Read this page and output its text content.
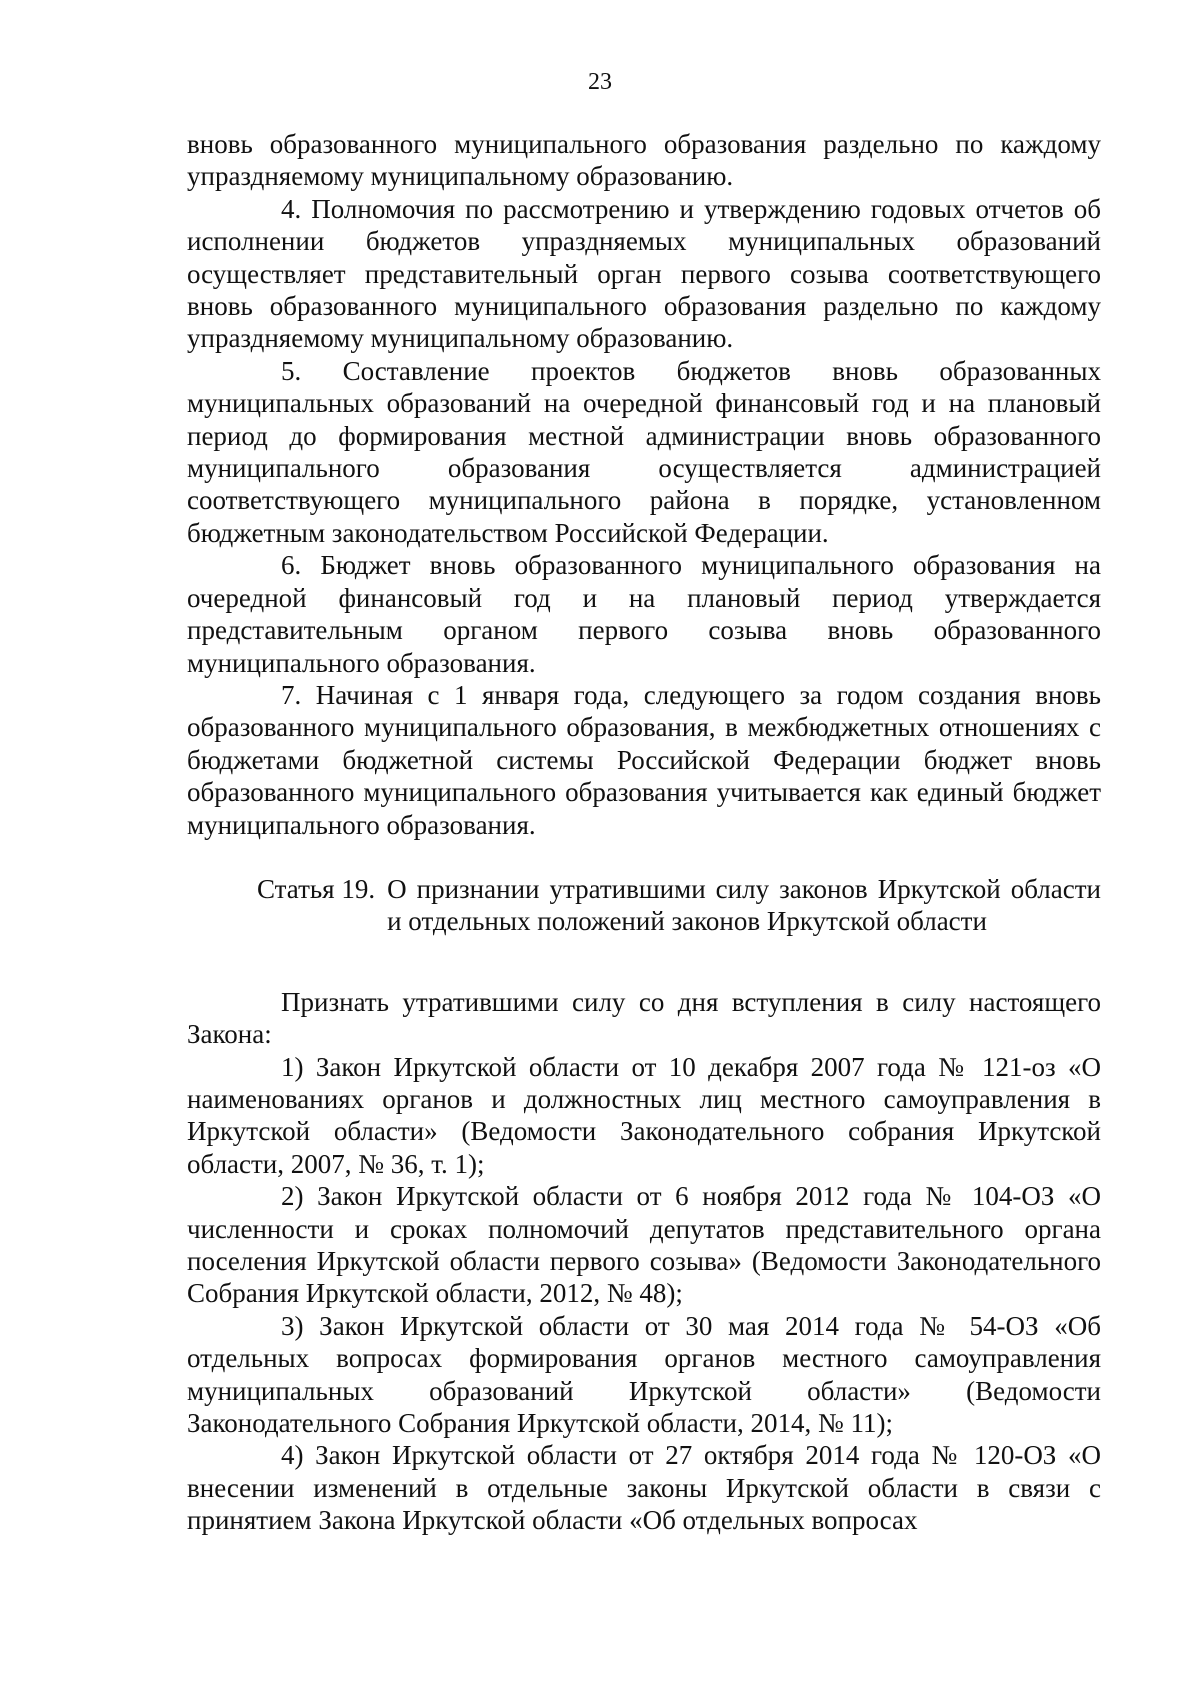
23

вновь образованного муниципального образования раздельно по каждому упраздняемому муниципальному образованию.

4. Полномочия по рассмотрению и утверждению годовых отчетов об исполнении бюджетов упраздняемых муниципальных образований осуществляет представительный орган первого созыва соответствующего вновь образованного муниципального образования раздельно по каждому упраздняемому муниципальному образованию.

5. Составление проектов бюджетов вновь образованных муниципальных образований на очередной финансовый год и на плановый период до формирования местной администрации вновь образованного муниципального образования осуществляется администрацией соответствующего муниципального района в порядке, установленном бюджетным законодательством Российской Федерации.

6. Бюджет вновь образованного муниципального образования на очередной финансовый год и на плановый период утверждается представительным органом первого созыва вновь образованного муниципального образования.

7. Начиная с 1 января года, следующего за годом создания вновь образованного муниципального образования, в межбюджетных отношениях с бюджетами бюджетной системы Российской Федерации бюджет вновь образованного муниципального образования учитывается как единый бюджет муниципального образования.

Статья 19. О признании утратившими силу законов Иркутской области и отдельных положений законов Иркутской области

Признать утратившими силу со дня вступления в силу настоящего Закона:

1) Закон Иркутской области от 10 декабря 2007 года № 121-оз «О наименованиях органов и должностных лиц местного самоуправления в Иркутской области» (Ведомости Законодательного собрания Иркутской области, 2007, № 36, т. 1);

2) Закон Иркутской области от 6 ноября 2012 года № 104-ОЗ «О численности и сроках полномочий депутатов представительного органа поселения Иркутской области первого созыва» (Ведомости Законодательного Собрания Иркутской области, 2012, № 48);

3) Закон Иркутской области от 30 мая 2014 года № 54-ОЗ «Об отдельных вопросах формирования органов местного самоуправления муниципальных образований Иркутской области» (Ведомости Законодательного Собрания Иркутской области, 2014, № 11);

4) Закон Иркутской области от 27 октября 2014 года № 120-ОЗ «О внесении изменений в отдельные законы Иркутской области в связи с принятием Закона Иркутской области «Об отдельных вопросах
